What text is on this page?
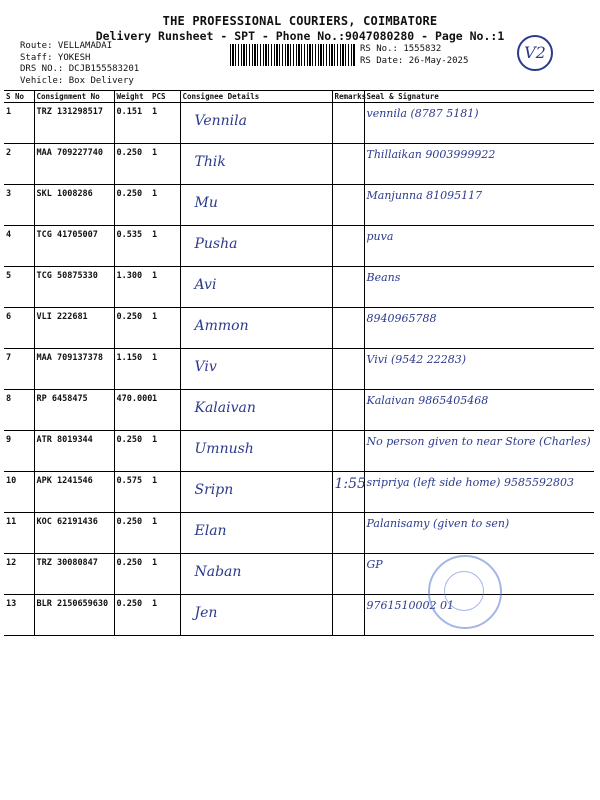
THE PROFESSIONAL COURIERS, COIMBATORE
Delivery Runsheet - SPT - Phone No.:9047080280 - Page No.:1
Route: VELLAMADAI
Staff: YOKESH
DRS NO.: DCJB155583201
Vehicle: Box Delivery
RS No.: 1555832
RS Date: 26-May-2025	V2
S No	Consignment No	Weight	PCS	Consignee Details	Remarks	Seal & Signature
1	TRZ 131298517	0.151	1	Vennila		vennila (8787 5181)

2	MAA 709227740	0.250	1	Thik		Thillaikan 9003999922

3	SKL 1008286	0.250	1	Mu		Manjunna 81095117

4	TCG 41705007	0.535	1	Pusha		puva

5	TCG 50875330	1.300	1	Avi		Beans

6	VLI 222681	0.250	1	Ammon		8940965788

7	MAA 709137378	1.150	1	Viv		Vivi (9542 22283)

8	RP 6458475	470.000	1	Kalaivan		Kalaivan 9865405468

9	ATR 8019344	0.250	1	Umnush		No person given to near Store (Charles)

10	APK 1241546	0.575	1	Sripn	1:55	sripriya (left side home) 9585592803

11	KOC 62191436	0.250	1	Elan		Palanisamy (given to sen)

12	TRZ 30080847	0.250	1	Naban		GP

13	BLR 2150659630	0.250	1	Jen		9761510002 01
